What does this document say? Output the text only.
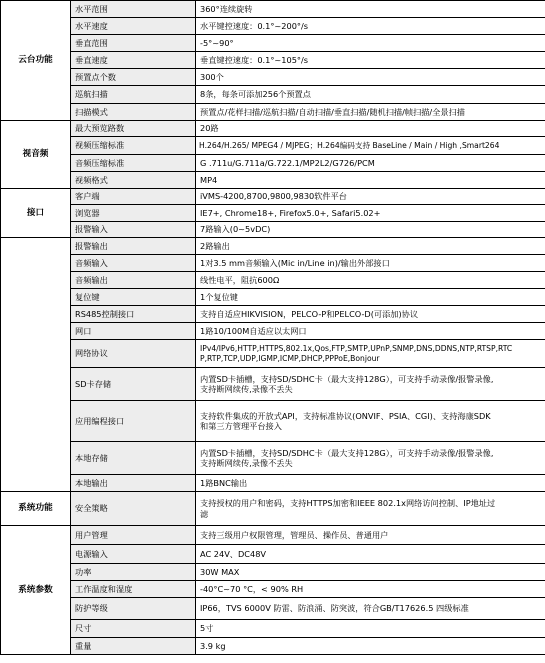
云台功能	水平范围	360°连续旋转
	水平速度	水平键控速度：0.1°~200°/s
	垂直范围	-5°~90°
	垂直速度	垂直键控速度：0.1°~105°/s
	预置点个数	300个
	巡航扫描	8条，每条可添加256个预置点
	扫描模式	预置点/花样扫描/巡航扫描/自动扫描/垂直扫描/随机扫描/帧扫描/全景扫描
视音频	最大预览路数	20路
	视频压缩标准	H.264/H.265/ MPEG4 / MJPEG；H.264编码支持 BaseLine / Main / High ,Smart264
	音频压缩标准	G .711u/G.711a/G.722.1/MP2L2/G726/PCM
	视频格式	MP4
接口	客户端	iVMS-4200,8700,9800,9830软件平台
	浏览器	IE7+, Chrome18+, Firefox5.0+, Safari5.02+
	报警输入	7路输入(0~5vDC)
	报警输出	2路输出
	音频输入	1对3.5 mm音频输入(Mic in/Line in)/输出外部接口
	音频输出	线性电平，阻抗600Ω
	复位键	1个复位键
	RS485控制接口	支持自适应HIKVISION，PELCO-P和PELCO-D(可添加)协议
	网口	1路10/100M自适应以太网口
	网络协议	IPv4/IPv6,HTTP,HTTPS,802.1x,Qos,FTP,SMTP,UPnP,SNMP,DNS,DDNS,NTP,RTSP,RTC
P,RTP,TCP,UDP,IGMP,ICMP,DHCP,PPPoE,Bonjour

	SD卡存储	内置SD卡插槽，支持SD/SDHC卡（最大支持128G），可支持手动录像/报警录像,
支持断网续传,录像不丢失

	应用编程接口	支持软件集成的开放式API，支持标准协议(ONVIF、PSIA、CGI)、支持海康SDK
和第三方管理平台接入

	本地存储	内置SD卡插槽，支持SD/SDHC卡（最大支持128G），可支持手动录像/报警录像,
支持断网续传,录像不丢失

	本地输出	1路BNC输出
系统功能	安全策略	支持授权的用户和密码，支持HTTPS加密和IEEE 802.1x网络访问控制、IP地址过
滤

系统参数	用户管理	支持三级用户权限管理，管理员、操作员、普通用户
	电源输入	AC 24V、DC48V
	功率	30W MAX
	工作温度和湿度	-40°C~70 °C，< 90% RH
	防护等级	IP66，TVS 6000V 防雷、防浪涌、防突波，符合GB/T17626.5 四级标准
	尺寸	5寸
	重量	3.9 kg
